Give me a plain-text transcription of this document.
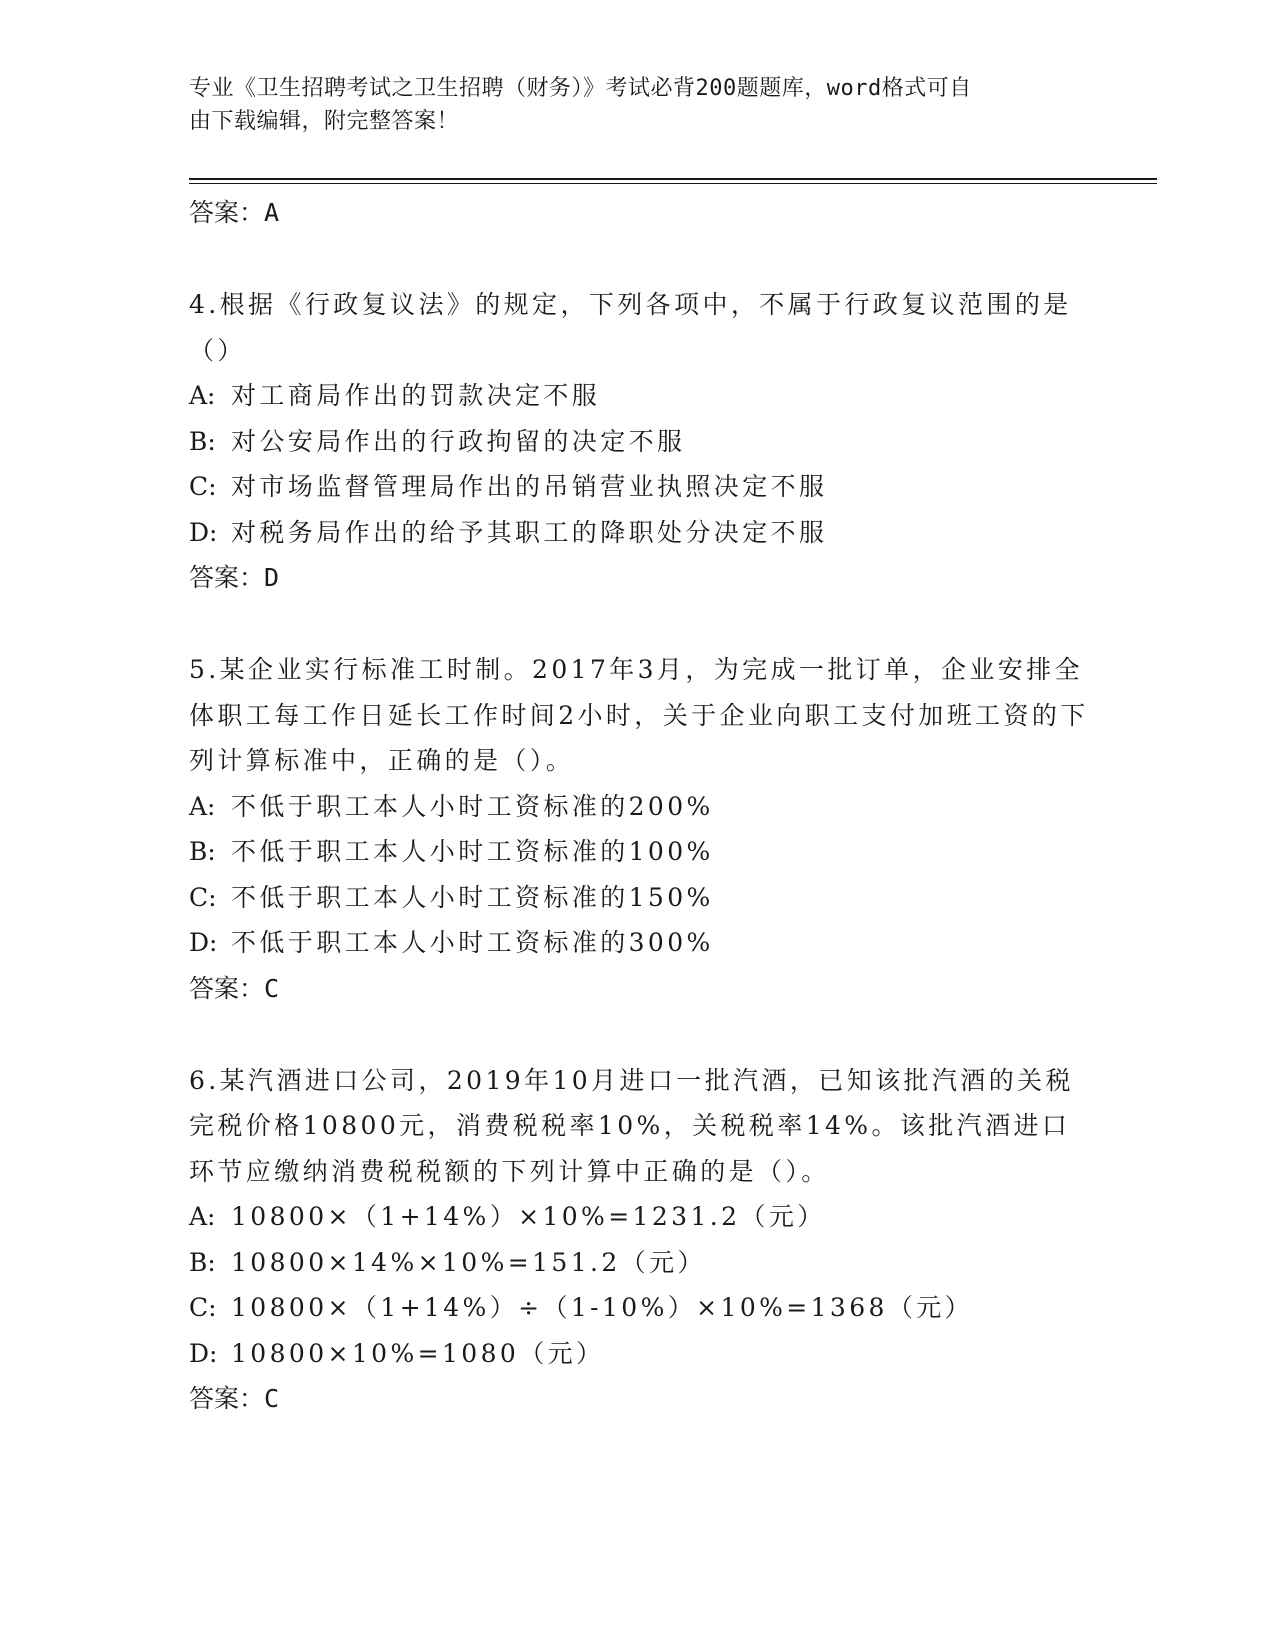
专业《卫生招聘考试之卫生招聘（财务）》考试必背200题题库，word格式可自
由下载编辑，附完整答案！
答案：A
4.根据《行政复议法》的规定，下列各项中，不属于行政复议范围的是（）
A: 对工商局作出的罚款决定不服
B: 对公安局作出的行政拘留的决定不服
C: 对市场监督管理局作出的吊销营业执照决定不服
D: 对税务局作出的给予其职工的降职处分决定不服
答案：D
5.某企业实行标准工时制。2017年3月，为完成一批订单，企业安排全体职工每工作日延长工作时间2小时，关于企业向职工支付加班工资的下列计算标准中，正确的是（）。
A: 不低于职工本人小时工资标准的200%
B: 不低于职工本人小时工资标准的100%
C: 不低于职工本人小时工资标准的150%
D: 不低于职工本人小时工资标准的300%
答案：C
6.某汽酒进口公司，2019年10月进口一批汽酒，已知该批汽酒的关税完税价格10800元，消费税税率10%，关税税率14%。该批汽酒进口环节应缴纳消费税税额的下列计算中正确的是（）。
A: 10800×（1+14%）×10%=1231.2（元）
B: 10800×14%×10%=151.2（元）
C: 10800×（1+14%）÷（1-10%）×10%=1368（元）
D: 10800×10%=1080（元）
答案：C
